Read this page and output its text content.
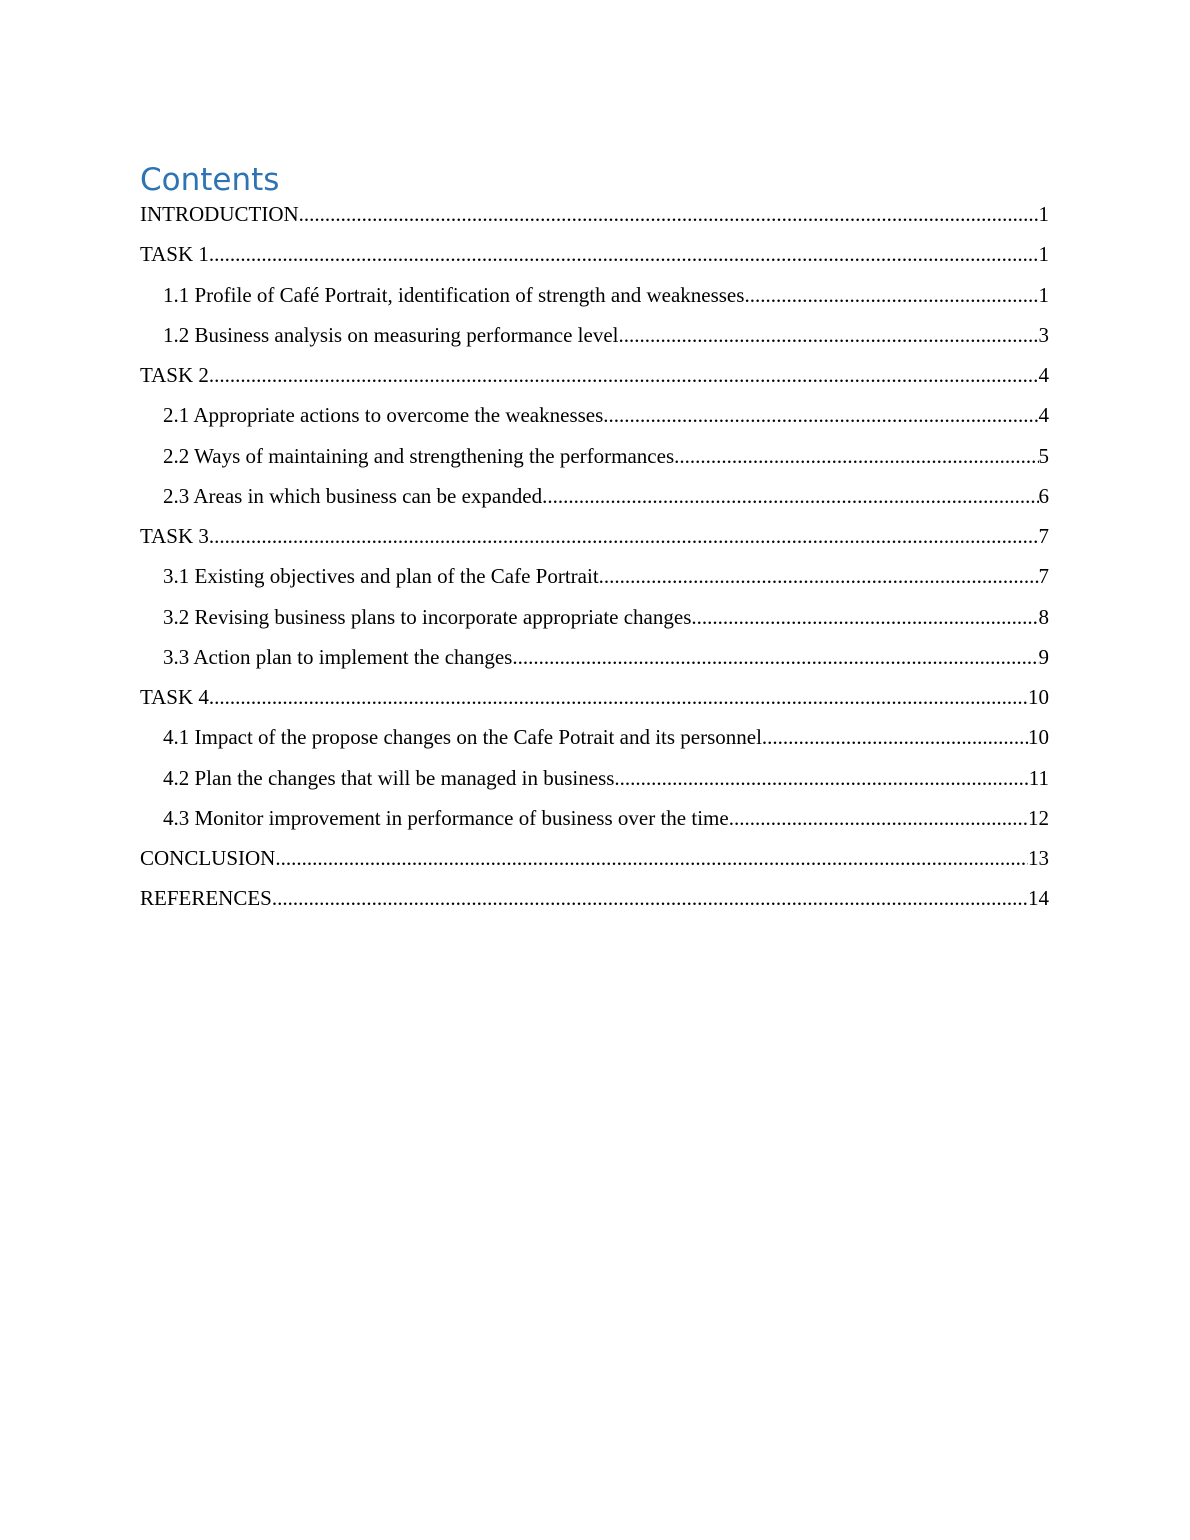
Contents
INTRODUCTION .....	1
TASK 1 .....	1
1.1 Profile of Café Portrait, identification of strength and weaknesses .....	1
1.2 Business analysis on measuring performance level .....	3
TASK 2 .....	4
2.1 Appropriate actions to overcome the weaknesses .....	4
2.2 Ways of maintaining and strengthening the performances .....	5
2.3 Areas in which business can be expanded .....	6
TASK 3 .....	7
3.1 Existing objectives and plan of the Cafe Portrait .....	7
3.2 Revising business plans to incorporate appropriate changes .....	8
3.3 Action plan to implement the changes .....	9
TASK 4 .....	10
4.1 Impact of the propose changes on the Cafe Potrait and its personnel .....	10
4.2 Plan the changes that will be managed in business .....	11
4.3 Monitor improvement in performance of business over the time .....	12
CONCLUSION .....	13
REFERENCES .....	14
